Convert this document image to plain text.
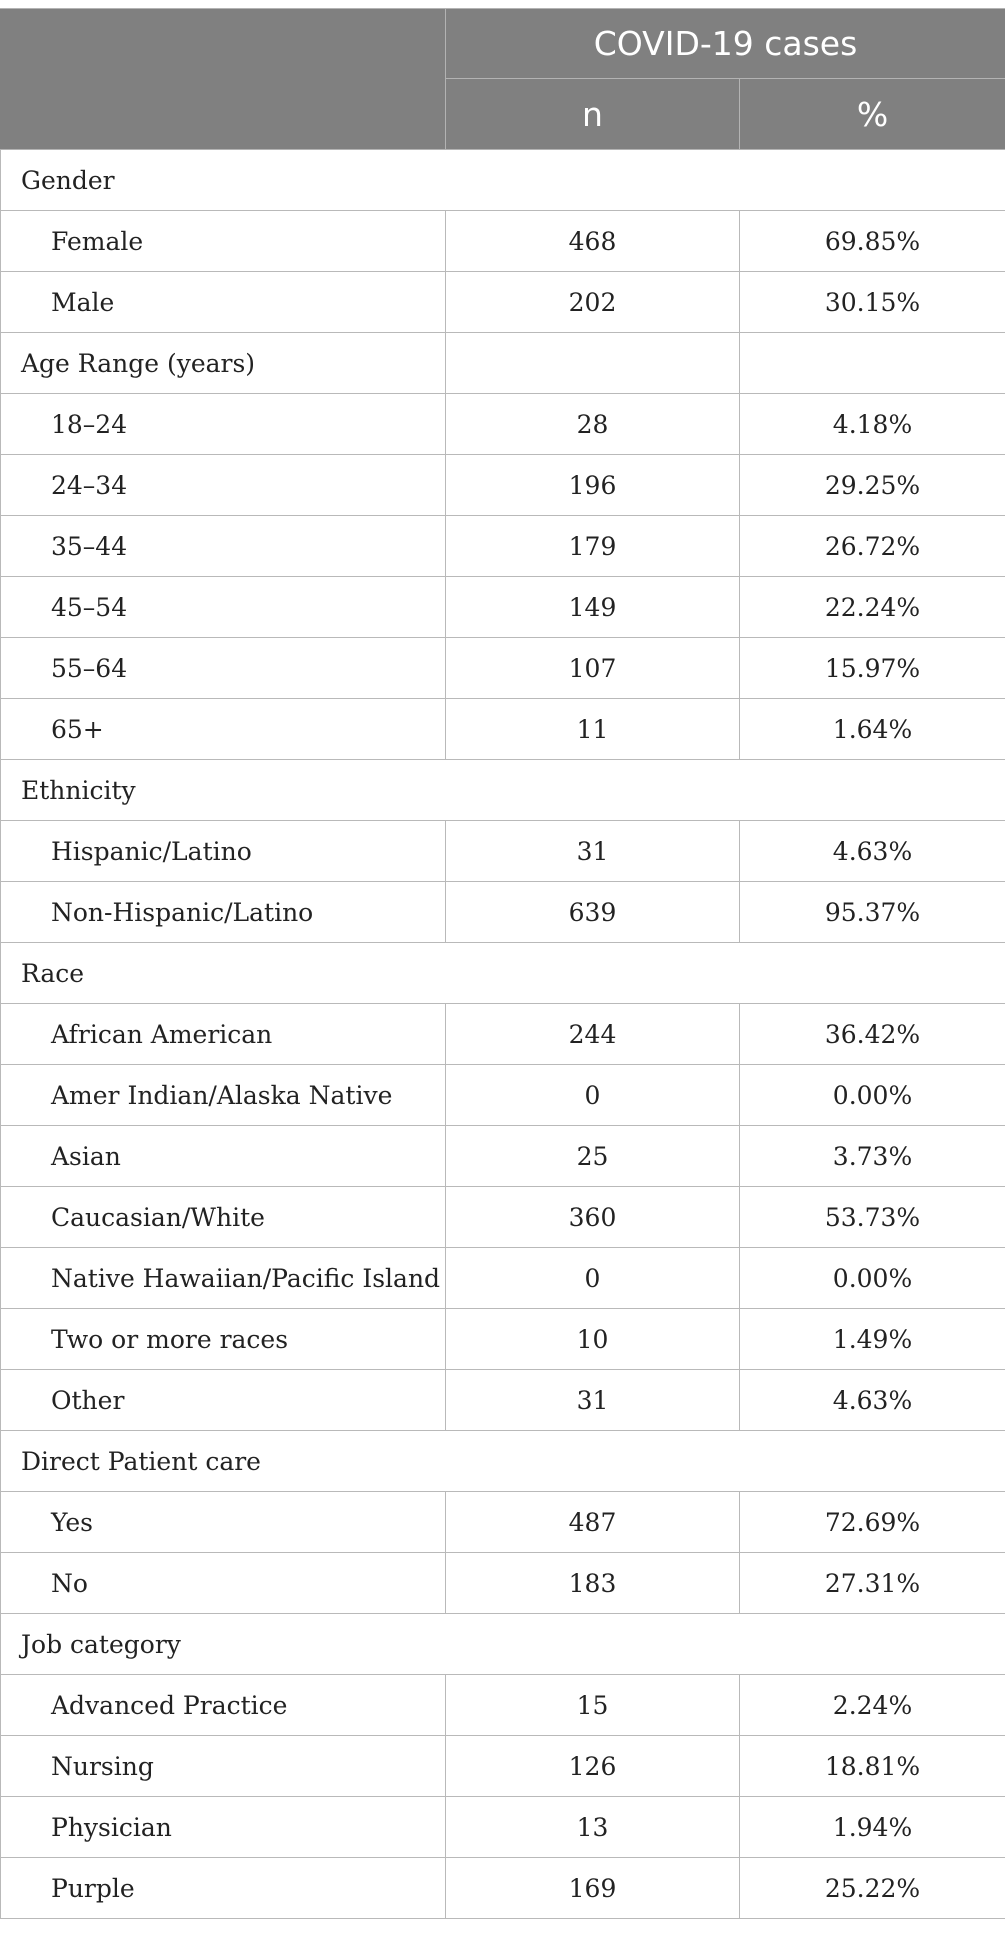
	COVID-19 cases	
	n	%
Gender		
Female	468	69.85%
Male	202	30.15%
Age Range (years)		
18–24	28	4.18%
24–34	196	29.25%
35–44	179	26.72%
45–54	149	22.24%
55–64	107	15.97%
65+	11	1.64%
Ethnicity		
Hispanic/Latino	31	4.63%
Non-Hispanic/Latino	639	95.37%
Race		
African American	244	36.42%
Amer Indian/Alaska Native	0	0.00%
Asian	25	3.73%
Caucasian/White	360	53.73%
Native Hawaiian/Pacific Island	0	0.00%
Two or more races	10	1.49%
Other	31	4.63%
Direct Patient care		
Yes	487	72.69%
No	183	27.31%
Job category		
Advanced Practice	15	2.24%
Nursing	126	18.81%
Physician	13	1.94%
Purple	169	25.22%
